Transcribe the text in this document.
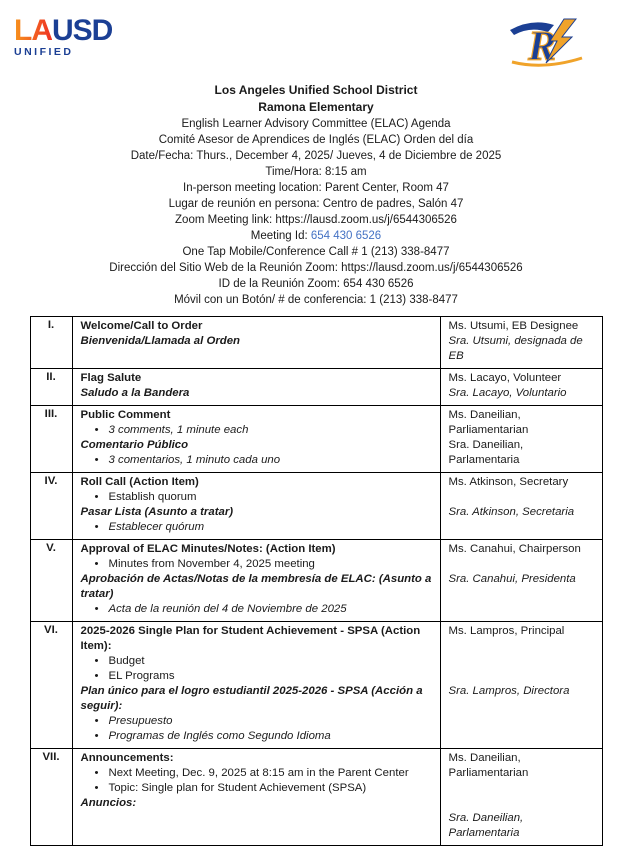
LAUSD
UNIFIED	R
Los Angeles Unified School District
Ramona Elementary
English Learner Advisory Committee (ELAC) Agenda
Comité Asesor de Aprendices de Inglés (ELAC) Orden del día
Date/Fecha: Thurs., December 4, 2025/ Jueves, 4 de Diciembre de 2025
Time/Hora: 8:15 am
In-person meeting location: Parent Center, Room 47
Lugar de reunión en persona: Centro de padres, Salón 47
Zoom Meeting link: https://lausd.zoom.us/j/6544306526
Meeting Id: 654 430 6526
One Tap Mobile/Conference Call # 1 (213) 338-8477
Dirección del Sitio Web de la Reunión Zoom: https://lausd.zoom.us/j/6544306526
ID de la Reunión Zoom: 654 430 6526
Móvil con un Botón/ # de conferencia: 1 (213) 338-8477
I.	Welcome/Call to Order
Bienvenida/Llamada al Orden

Ms. Utsumi, EB Designee
Sra. Utsumi, designada de EB

II.	Flag Salute
Saludo a la Bandera

Ms. Lacayo, Volunteer
Sra. Lacayo, Voluntario

III.	Public Comment
• 3 comments, 1 minute each
Comentario Público
• 3 comentarios, 1 minuto cada uno

Ms. Daneilian,
Parliamentarian
Sra. Daneilian, Parlamentaria

IV.	Roll Call (Action Item)
• Establish quorum
Pasar Lista (Asunto a tratar)
• Establecer quórum

Ms. Atkinson, Secretary
Sra. Atkinson, Secretaria

V.	Approval of ELAC Minutes/Notes: (Action Item)
• Minutes from November 4, 2025 meeting
Aprobación de Actas/Notas de la membresía de ELAC: (Asunto a tratar)
• Acta de la reunión del 4 de Noviembre de 2025

Ms. Canahui, Chairperson
Sra. Canahui, Presidenta

VI.	2025-2026 Single Plan for Student Achievement - SPSA (Action Item):
• Budget
• EL Programs
Plan único para el logro estudiantil 2025-2026 - SPSA (Acción a seguir):
• Presupuesto
• Programas de Inglés como Segundo Idioma

Ms. Lampros, Principal
Sra. Lampros, Directora

VII.	Announcements:
• Next Meeting, Dec. 9, 2025 at 8:15 am in the Parent Center
• Topic: Single plan for Student Achievement (SPSA)
Anuncios:

Ms. Daneilian,
Parliamentarian
Sra. Daneilian, Parlamentaria
